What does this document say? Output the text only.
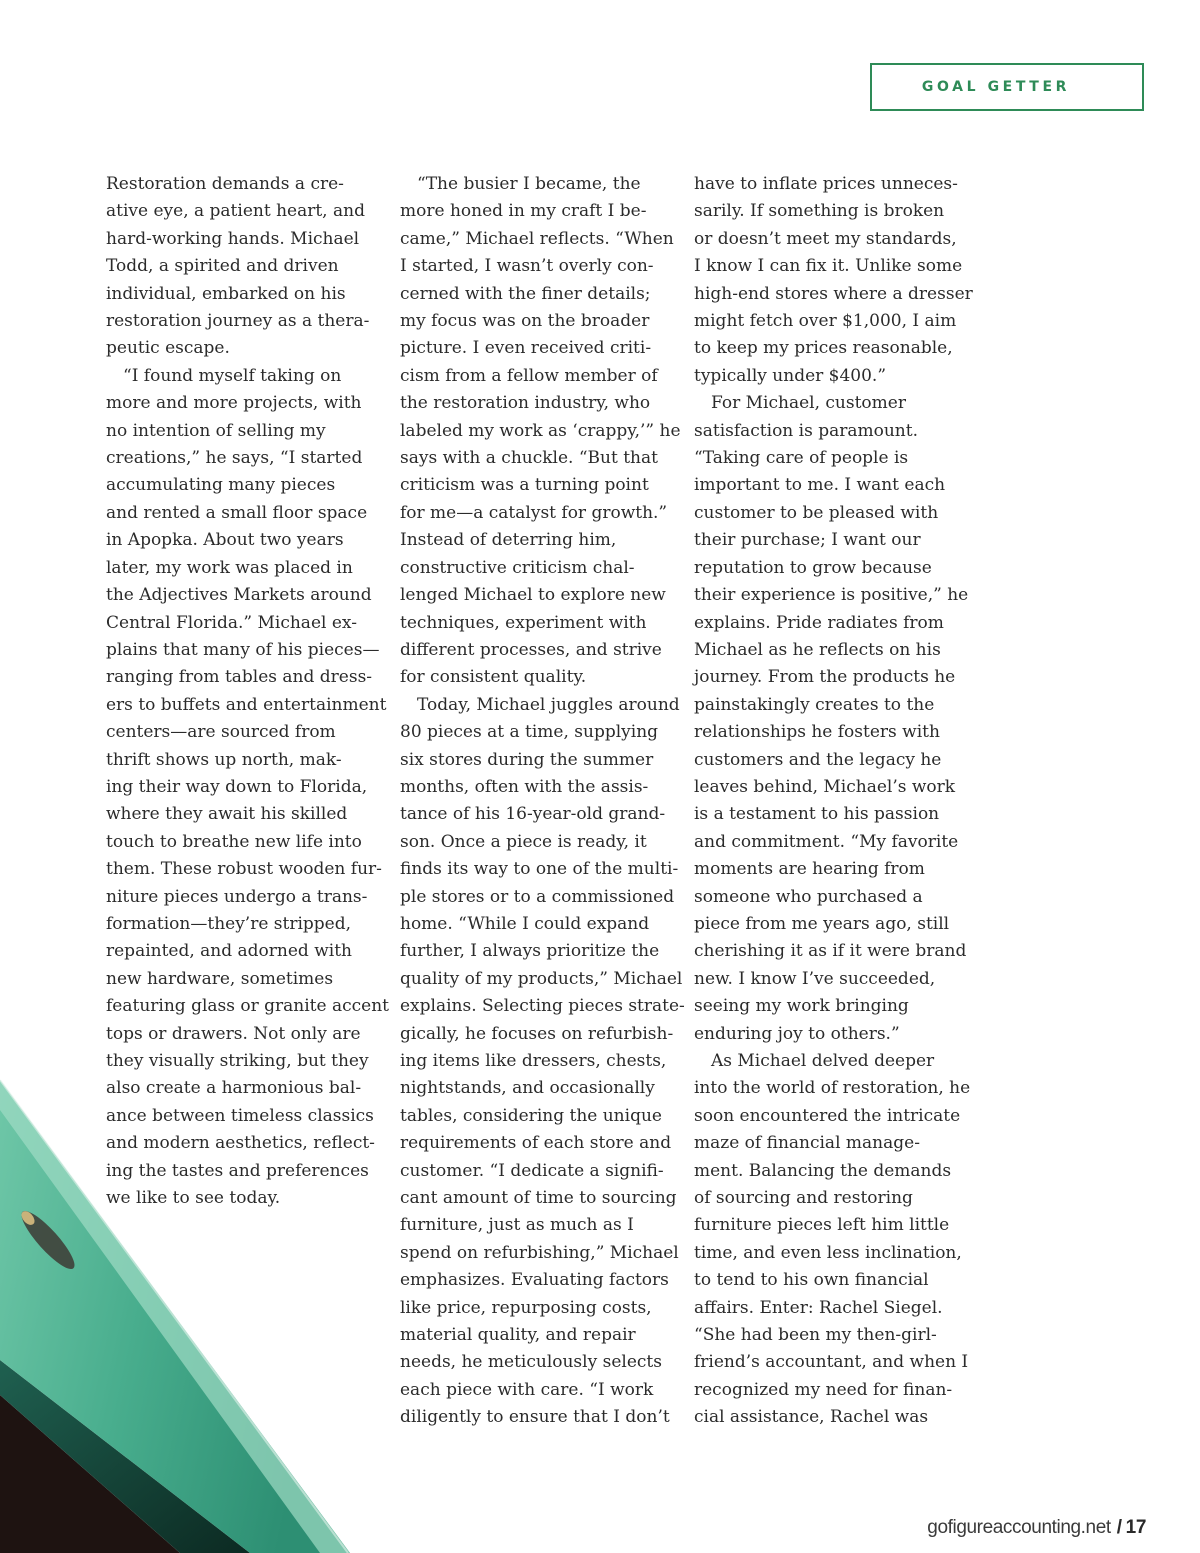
GOAL GETTER
Restoration demands a cre-
ative eye, a patient heart, and
hard-working hands. Michael
Todd, a spirited and driven
individual, embarked on his
restoration journey as a thera-
peutic escape.
 “I found myself taking on
more and more projects, with
no intention of selling my
creations,” he says, “I started
accumulating many pieces
and rented a small floor space
in Apopka. About two years
later, my work was placed in
the Adjectives Markets around
Central Florida.” Michael ex-
plains that many of his pieces—
ranging from tables and dress-
ers to buffets and entertainment
centers—are sourced from
thrift shows up north, mak-
ing their way down to Florida,
where they await his skilled
touch to breathe new life into
them. These robust wooden fur-
niture pieces undergo a trans-
formation—they’re stripped,
repainted, and adorned with
new hardware, sometimes
featuring glass or granite accent
tops or drawers. Not only are
they visually striking, but they
also create a harmonious bal-
ance between timeless classics
and modern aesthetics, reflect-
ing the tastes and preferences
we like to see today.
 “The busier I became, the
more honed in my craft I be-
came,” Michael reflects. “When
I started, I wasn’t overly con-
cerned with the finer details;
my focus was on the broader
picture. I even received criti-
cism from a fellow member of
the restoration industry, who
labeled my work as ‘crappy,’” he
says with a chuckle. “But that
criticism was a turning point
for me—a catalyst for growth.”
Instead of deterring him,
constructive criticism chal-
lenged Michael to explore new
techniques, experiment with
different processes, and strive
for consistent quality.
 Today, Michael juggles around
80 pieces at a time, supplying
six stores during the summer
months, often with the assis-
tance of his 16-year-old grand-
son. Once a piece is ready, it
finds its way to one of the multi-
ple stores or to a commissioned
home. “While I could expand
further, I always prioritize the
quality of my products,” Michael
explains. Selecting pieces strate-
gically, he focuses on refurbish-
ing items like dressers, chests,
nightstands, and occasionally
tables, considering the unique
requirements of each store and
customer. “I dedicate a signifi-
cant amount of time to sourcing
furniture, just as much as I
spend on refurbishing,” Michael
emphasizes. Evaluating factors
like price, repurposing costs,
material quality, and repair
needs, he meticulously selects
each piece with care. “I work
diligently to ensure that I don’t
have to inflate prices unneces-
sarily. If something is broken
or doesn’t meet my standards,
I know I can fix it. Unlike some
high-end stores where a dresser
might fetch over $1,000, I aim
to keep my prices reasonable,
typically under $400.”
 For Michael, customer
satisfaction is paramount.
“Taking care of people is
important to me. I want each
customer to be pleased with
their purchase; I want our
reputation to grow because
their experience is positive,” he
explains. Pride radiates from
Michael as he reflects on his
journey. From the products he
painstakingly creates to the
relationships he fosters with
customers and the legacy he
leaves behind, Michael’s work
is a testament to his passion
and commitment. “My favorite
moments are hearing from
someone who purchased a
piece from me years ago, still
cherishing it as if it were brand
new. I know I’ve succeeded,
seeing my work bringing
enduring joy to others.”
 As Michael delved deeper
into the world of restoration, he
soon encountered the intricate
maze of financial manage-
ment. Balancing the demands
of sourcing and restoring
furniture pieces left him little
time, and even less inclination,
to tend to his own financial
affairs. Enter: Rachel Siegel.
“She had been my then-girl-
friend’s accountant, and when I
recognized my need for finan-
cial assistance, Rachel was
gofigureaccounting.net / 17
